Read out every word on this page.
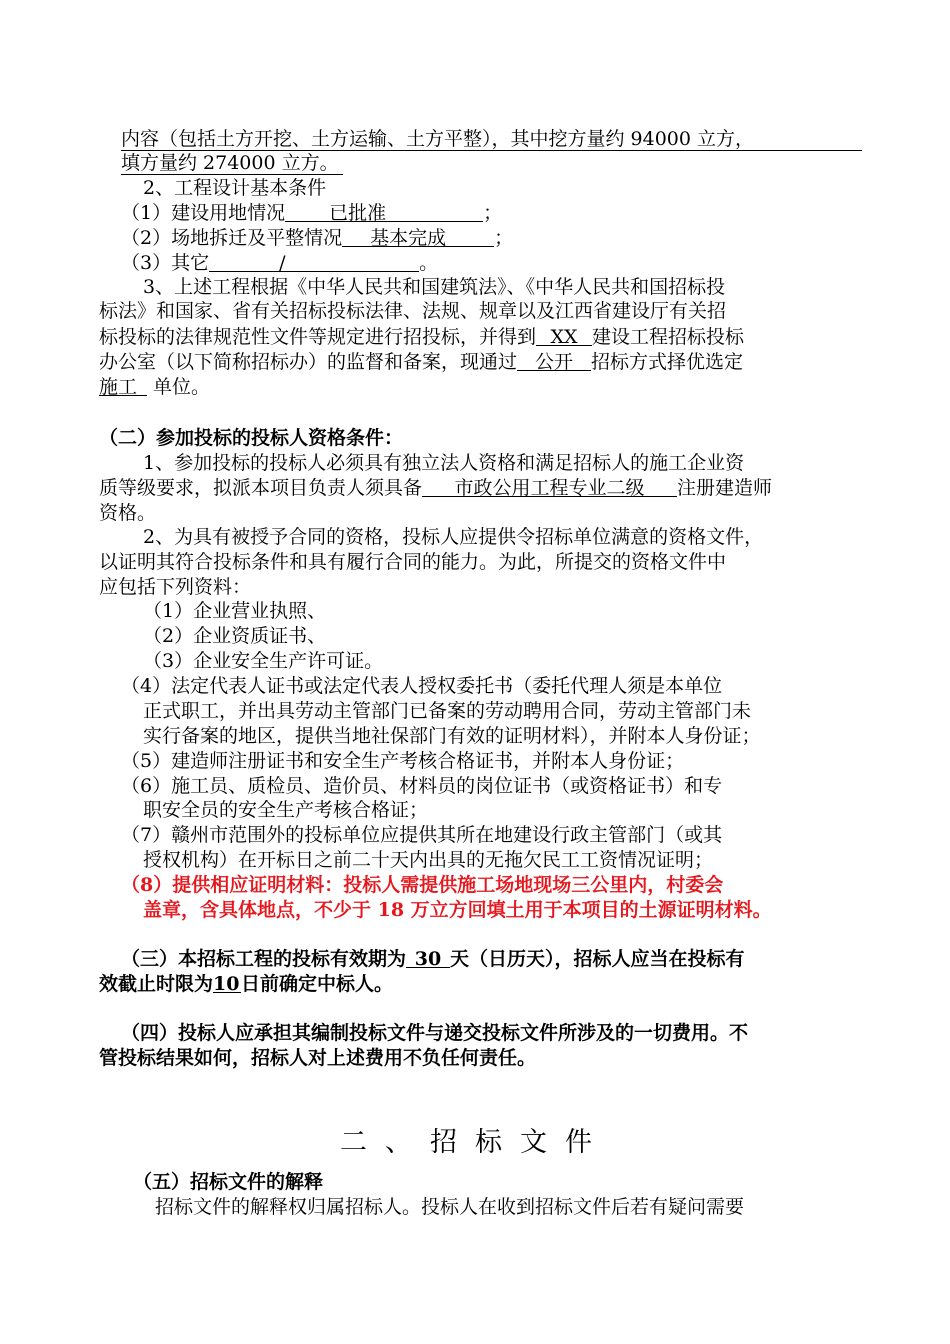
内容（包括土方开挖、土方运输、土方平整），其中挖方量约 94000 立方，
填方量约 274000 立方。
2、工程设计基本条件
（1）建设用地情况 已批准	；
（2）场地拆迁及平整情况 基本完成	；
（3）其它	/	。
3、上述工程根据《中华人民共和国建筑法》、《中华人民共和国招标投
标法》和国家、省有关招标投标法律、法规、规章以及江西省建设厅有关招
标投标的法律规范性文件等规定进行招投标，并得到 XX 建设工程招标投标
办公室（以下简称招标办）的监督和备案，现通过 公开 招标方式择优选定
施工 单位。
（二）参加投标的投标人资格条件：
1、参加投标的投标人必须具有独立法人资格和满足招标人的施工企业资
质等级要求，拟派本项目负责人须具备 市政公用工程专业二级 注册建造师
资格。
2、为具有被授予合同的资格，投标人应提供令招标单位满意的资格文件，
以证明其符合投标条件和具有履行合同的能力。为此，所提交的资格文件中
应包括下列资料：
（1）企业营业执照、
（2）企业资质证书、
（3）企业安全生产许可证。
（4）法定代表人证书或法定代表人授权委托书（委托代理人须是本单位
正式职工，并出具劳动主管部门已备案的劳动聘用合同，劳动主管部门未
实行备案的地区，提供当地社保部门有效的证明材料），并附本人身份证；
（5）建造师注册证书和安全生产考核合格证书，并附本人身份证；
（6）施工员、质检员、造价员、材料员的岗位证书（或资格证书）和专
职安全员的安全生产考核合格证；
（7）赣州市范围外的投标单位应提供其所在地建设行政主管部门（或其
授权机构）在开标日之前二十天内出具的无拖欠民工工资情况证明；
（8）提供相应证明材料：投标人需提供施工场地现场三公里内，村委会
盖章，含具体地点，不少于 18 万立方回填土用于本项目的土源证明材料。
（三）本招标工程的投标有效期为 30 天（日历天），招标人应当在投标有
效截止时限为10日前确定中标人。
（四）投标人应承担其编制投标文件与递交投标文件所涉及的一切费用。不
管投标结果如何，招标人对上述费用不负任何责任。
二、招标文件
（五）招标文件的解释
招标文件的解释权归属招标人。投标人在收到招标文件后若有疑问需要
